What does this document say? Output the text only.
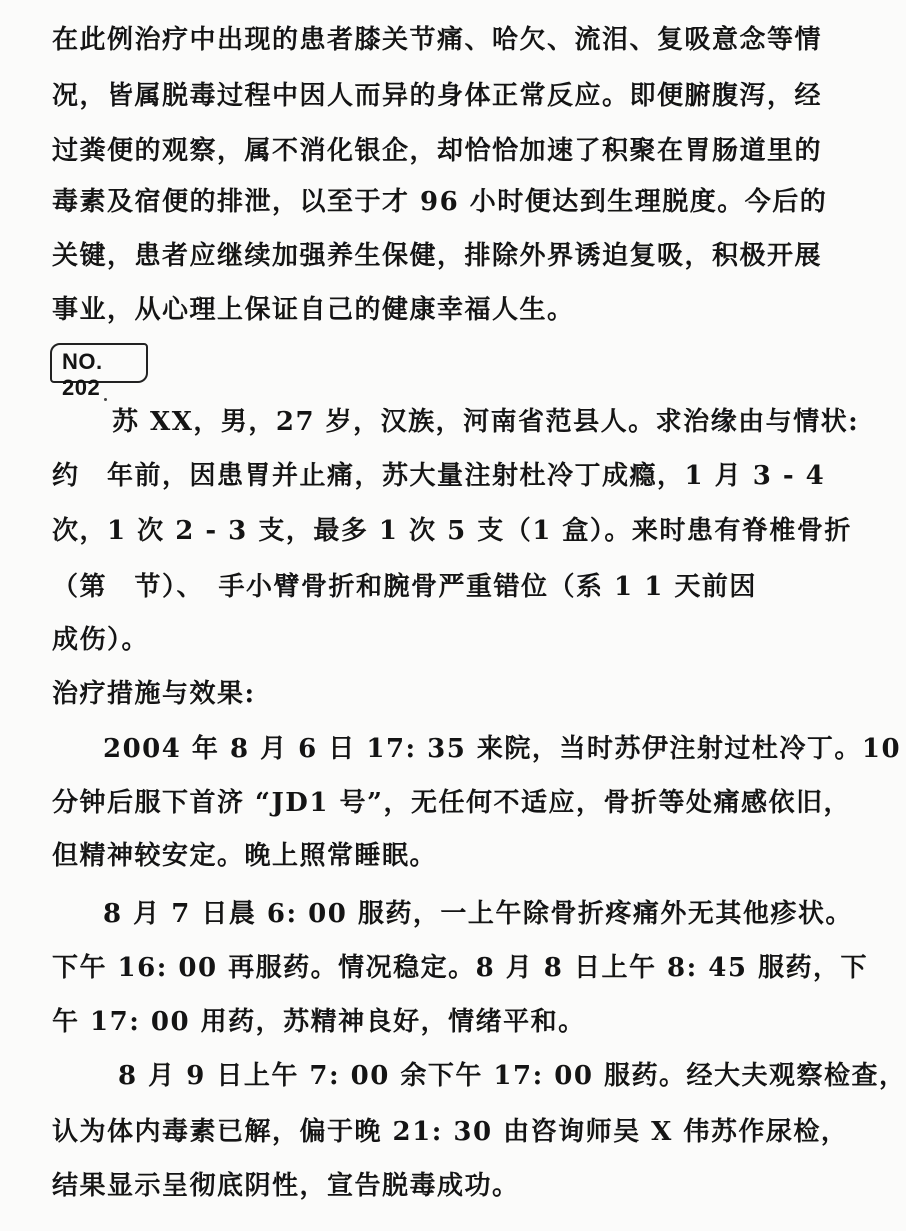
在此例治疗中出现的患者膝关节痛、哈欠、流泪、复吸意念等情
况，皆属脱毒过程中因人而异的身体正常反应。即便腑腹泻，经
过粪便的观察，属不消化银企，却恰恰加速了积聚在胃肠道里的
毒素及宿便的排泄，以至于才 96 小时便达到生理脱度。今后的
关键，患者应继续加强养生保健，排除外界诱迫复吸，积极开展
事业，从心理上保证自己的健康幸福人生。
NO. 202
苏 XX，男，27 岁，汉族，河南省范县人。求治缘由与情状:
约　年前，因患胃并止痛，苏大量注射杜冷丁成瘾，1 月 3 - 4
次，1 次 2 - 3 支，最多 1 次 5 支（1 盒）。来时患有脊椎骨折
（第　节）、　手小臂骨折和腕骨严重错位（系 1 1 天前因
成伤）。
治疗措施与效果:
2004 年 8 月 6 日 17: 35 来院，当时苏伊注射过杜冷丁。10
分钟后服下首济 “JD1 号”，无任何不适应，骨折等处痛感依旧，
但精神较安定。晚上照常睡眠。
8 月 7 日晨 6: 00 服药，一上午除骨折疼痛外无其他疹状。
下午 16: 00 再服药。情况稳定。8 月 8 日上午 8: 45 服药，下
午 17: 00 用药，苏精神良好，情绪平和。
8 月 9 日上午 7: 00 余下午 17: 00 服药。经大夫观察检查，
认为体内毒素已解，偏于晚 21: 30 由咨询师吴 X 伟苏作尿检，
结果显示呈彻底阴性，宣告脱毒成功。
